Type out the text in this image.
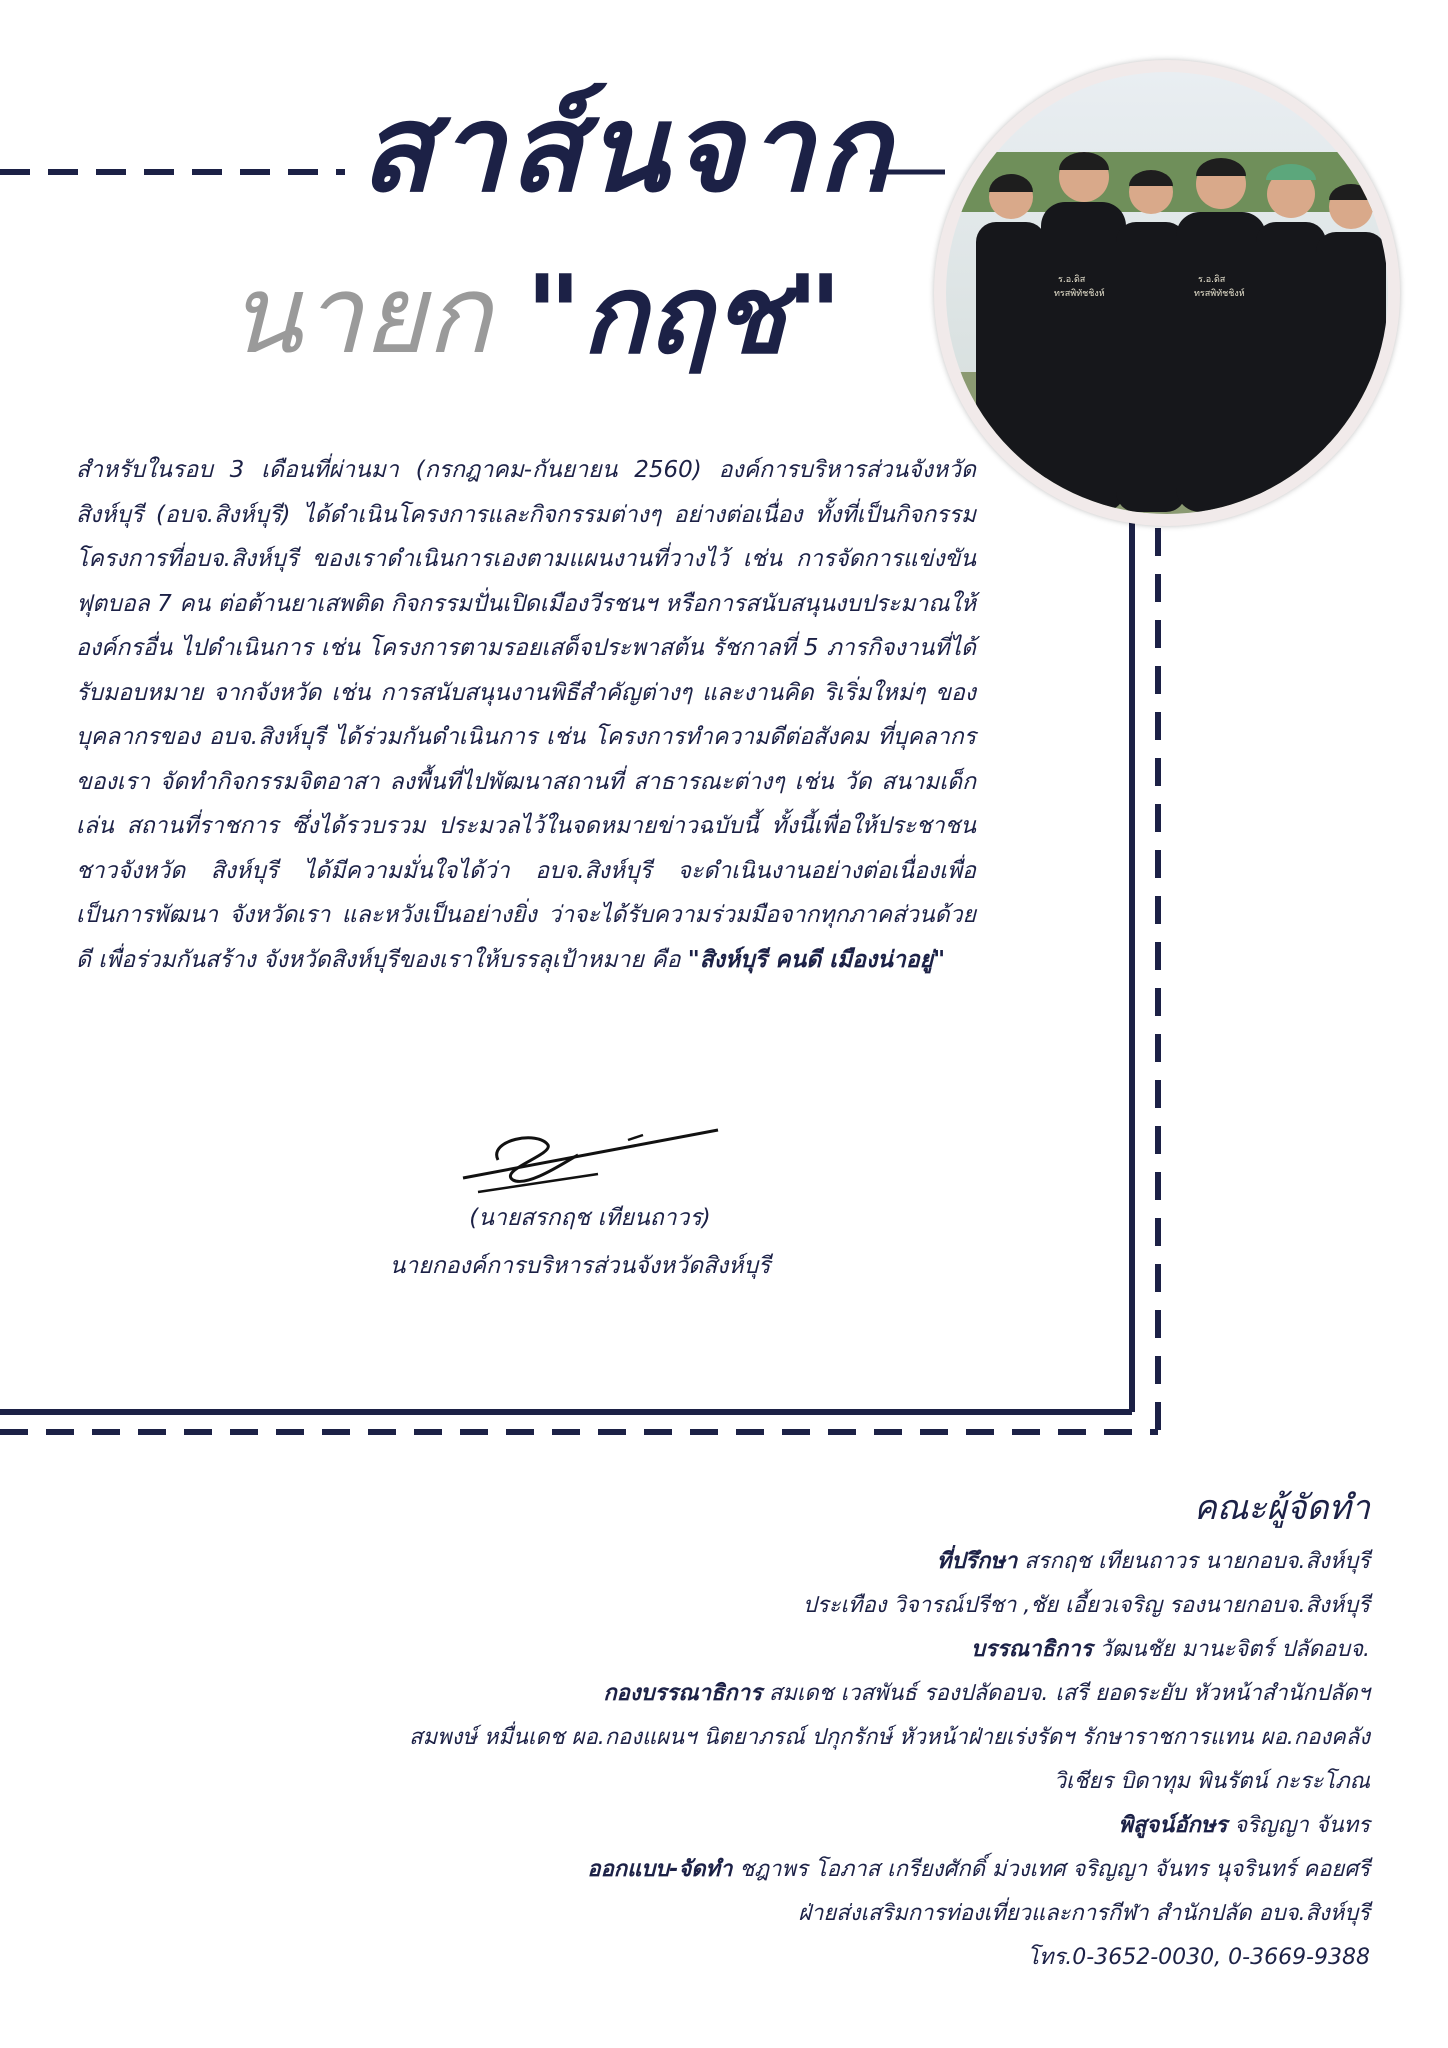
สาส์นจาก
นายก "กฤช"	ร.อ.ดิส
ทรสพิทัชชิงห์
ร.อ.ดิส
ทรสพิทัชชิงห์
สำหรับในรอบ 3 เดือนที่ผ่านมา (กรกฎาคม-กันยายน 2560) องค์การบริหารส่วนจังหวัดสิงห์บุรี (อบจ.สิงห์บุรี) ได้ดำเนินโครงการและกิจกรรมต่างๆ อย่างต่อเนื่อง ทั้งที่เป็นกิจกรรมโครงการที่อบจ.สิงห์บุรี ของเราดำเนินการเองตามแผนงานที่วางไว้ เช่น การจัดการแข่งขันฟุตบอล 7 คน ต่อต้านยาเสพติด กิจกรรมปั่นเปิดเมืองวีรชนฯ หรือการสนับสนุนงบประมาณให้องค์กรอื่น ไปดำเนินการ เช่น โครงการตามรอยเสด็จประพาสต้น รัชกาลที่ 5 ภารกิจงานที่ได้รับมอบหมาย จากจังหวัด เช่น การสนับสนุนงานพิธีสำคัญต่างๆ และงานคิด ริเริ่มใหม่ๆ ของบุคลากรของ อบจ.สิงห์บุรี ได้ร่วมกันดำเนินการ เช่น โครงการทำความดีต่อสังคม ที่บุคลากรของเรา จัดทำกิจกรรมจิตอาสา ลงพื้นที่ไปพัฒนาสถานที่ สาธารณะต่างๆ เช่น วัด สนามเด็กเล่น สถานที่ราชการ ซึ่งได้รวบรวม ประมวลไว้ในจดหมายข่าวฉบับนี้ ทั้งนี้เพื่อให้ประชาชนชาวจังหวัด สิงห์บุรี ได้มีความมั่นใจได้ว่า อบจ.สิงห์บุรี จะดำเนินงานอย่างต่อเนื่องเพื่อเป็นการพัฒนา จังหวัดเรา และหวังเป็นอย่างยิ่ง ว่าจะได้รับความร่วมมือจากทุกภาคส่วนด้วยดี เพื่อร่วมกันสร้าง จังหวัดสิงห์บุรีของเราให้บรรลุเป้าหมาย คือ "สิงห์บุรี คนดี เมืองน่าอยู่"
(นายสรกฤช เทียนถาวร)
นายกองค์การบริหารส่วนจังหวัดสิงห์บุรี
คณะผู้จัดทำ
ที่ปรึกษา สรกฤช เทียนถาวร นายกอบจ.สิงห์บุรี
ประเทือง วิจารณ์ปรีชา ,ชัย เอี้ยวเจริญ รองนายกอบจ.สิงห์บุรี
บรรณาธิการ วัฒนชัย มานะจิตร์ ปลัดอบจ.
กองบรรณาธิการ สมเดช เวสพันธ์ รองปลัดอบจ. เสรี ยอดระยับ หัวหน้าสำนักปลัดฯ
สมพงษ์ หมื่นเดช ผอ.กองแผนฯ นิตยาภรณ์ ปกุกรักษ์ หัวหน้าฝ่ายเร่งรัดฯ รักษาราชการแทน ผอ.กองคลัง
วิเชียร บิดาทุม พินรัตน์ กะระโภณ
พิสูจน์อักษร จริญญา จันทร
ออกแบบ-จัดทำ ชฎาพร โอภาส เกรียงศักดิ์ ม่วงเทศ จริญญา จันทร นุจรินทร์ คอยศรี
ฝ่ายส่งเสริมการท่องเที่ยวและการกีฬา สำนักปลัด อบจ.สิงห์บุรี
โทร.0-3652-0030, 0-3669-9388
